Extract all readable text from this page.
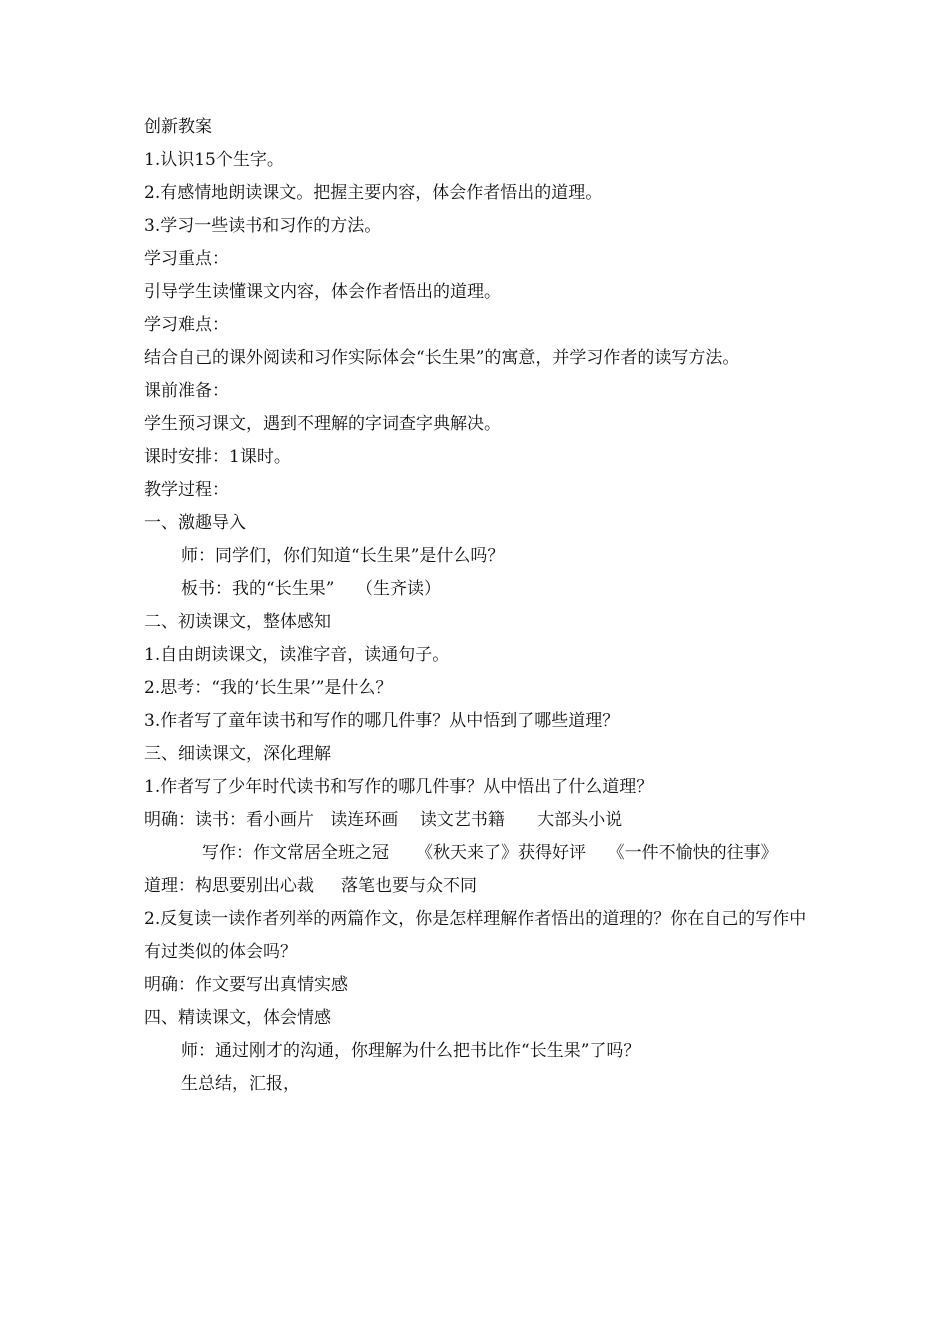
创新教案
1.认识15个生字。
2.有感情地朗读课文。把握主要内容，体会作者悟出的道理。
3.学习一些读书和习作的方法。
学习重点：
引导学生读懂课文内容，体会作者悟出的道理。
学习难点：
结合自己的课外阅读和习作实际体会“长生果”的寓意，并学习作者的读写方法。
课前准备：
学生预习课文，遇到不理解的字词查字典解决。
课时安排：1课时。
教学过程：
一、激趣导入
师：同学们，你们知道“长生果”是什么吗？
板书：我的“长生果”    （生齐读）
二、初读课文，整体感知
1.自由朗读课文，读准字音，读通句子。
2.思考：“我的‘长生果’”是什么？
3.作者写了童年读书和写作的哪几件事？从中悟到了哪些道理？
三、细读课文，深化理解
1.作者写了少年时代读书和写作的哪几件事？从中悟出了什么道理？
明确：读书：看小画片   读连环画    读文艺书籍      大部头小说
写作：作文常居全班之冠     《秋天来了》获得好评    《一件不愉快的往事》
道理：构思要别出心裁     落笔也要与众不同
2.反复读一读作者列举的两篇作文，你是怎样理解作者悟出的道理的？你在自己的写作中有过类似的体会吗？
明确：作文要写出真情实感
四、精读课文，体会情感
师：通过刚才的沟通，你理解为什么把书比作“长生果”了吗？
生总结，汇报，
